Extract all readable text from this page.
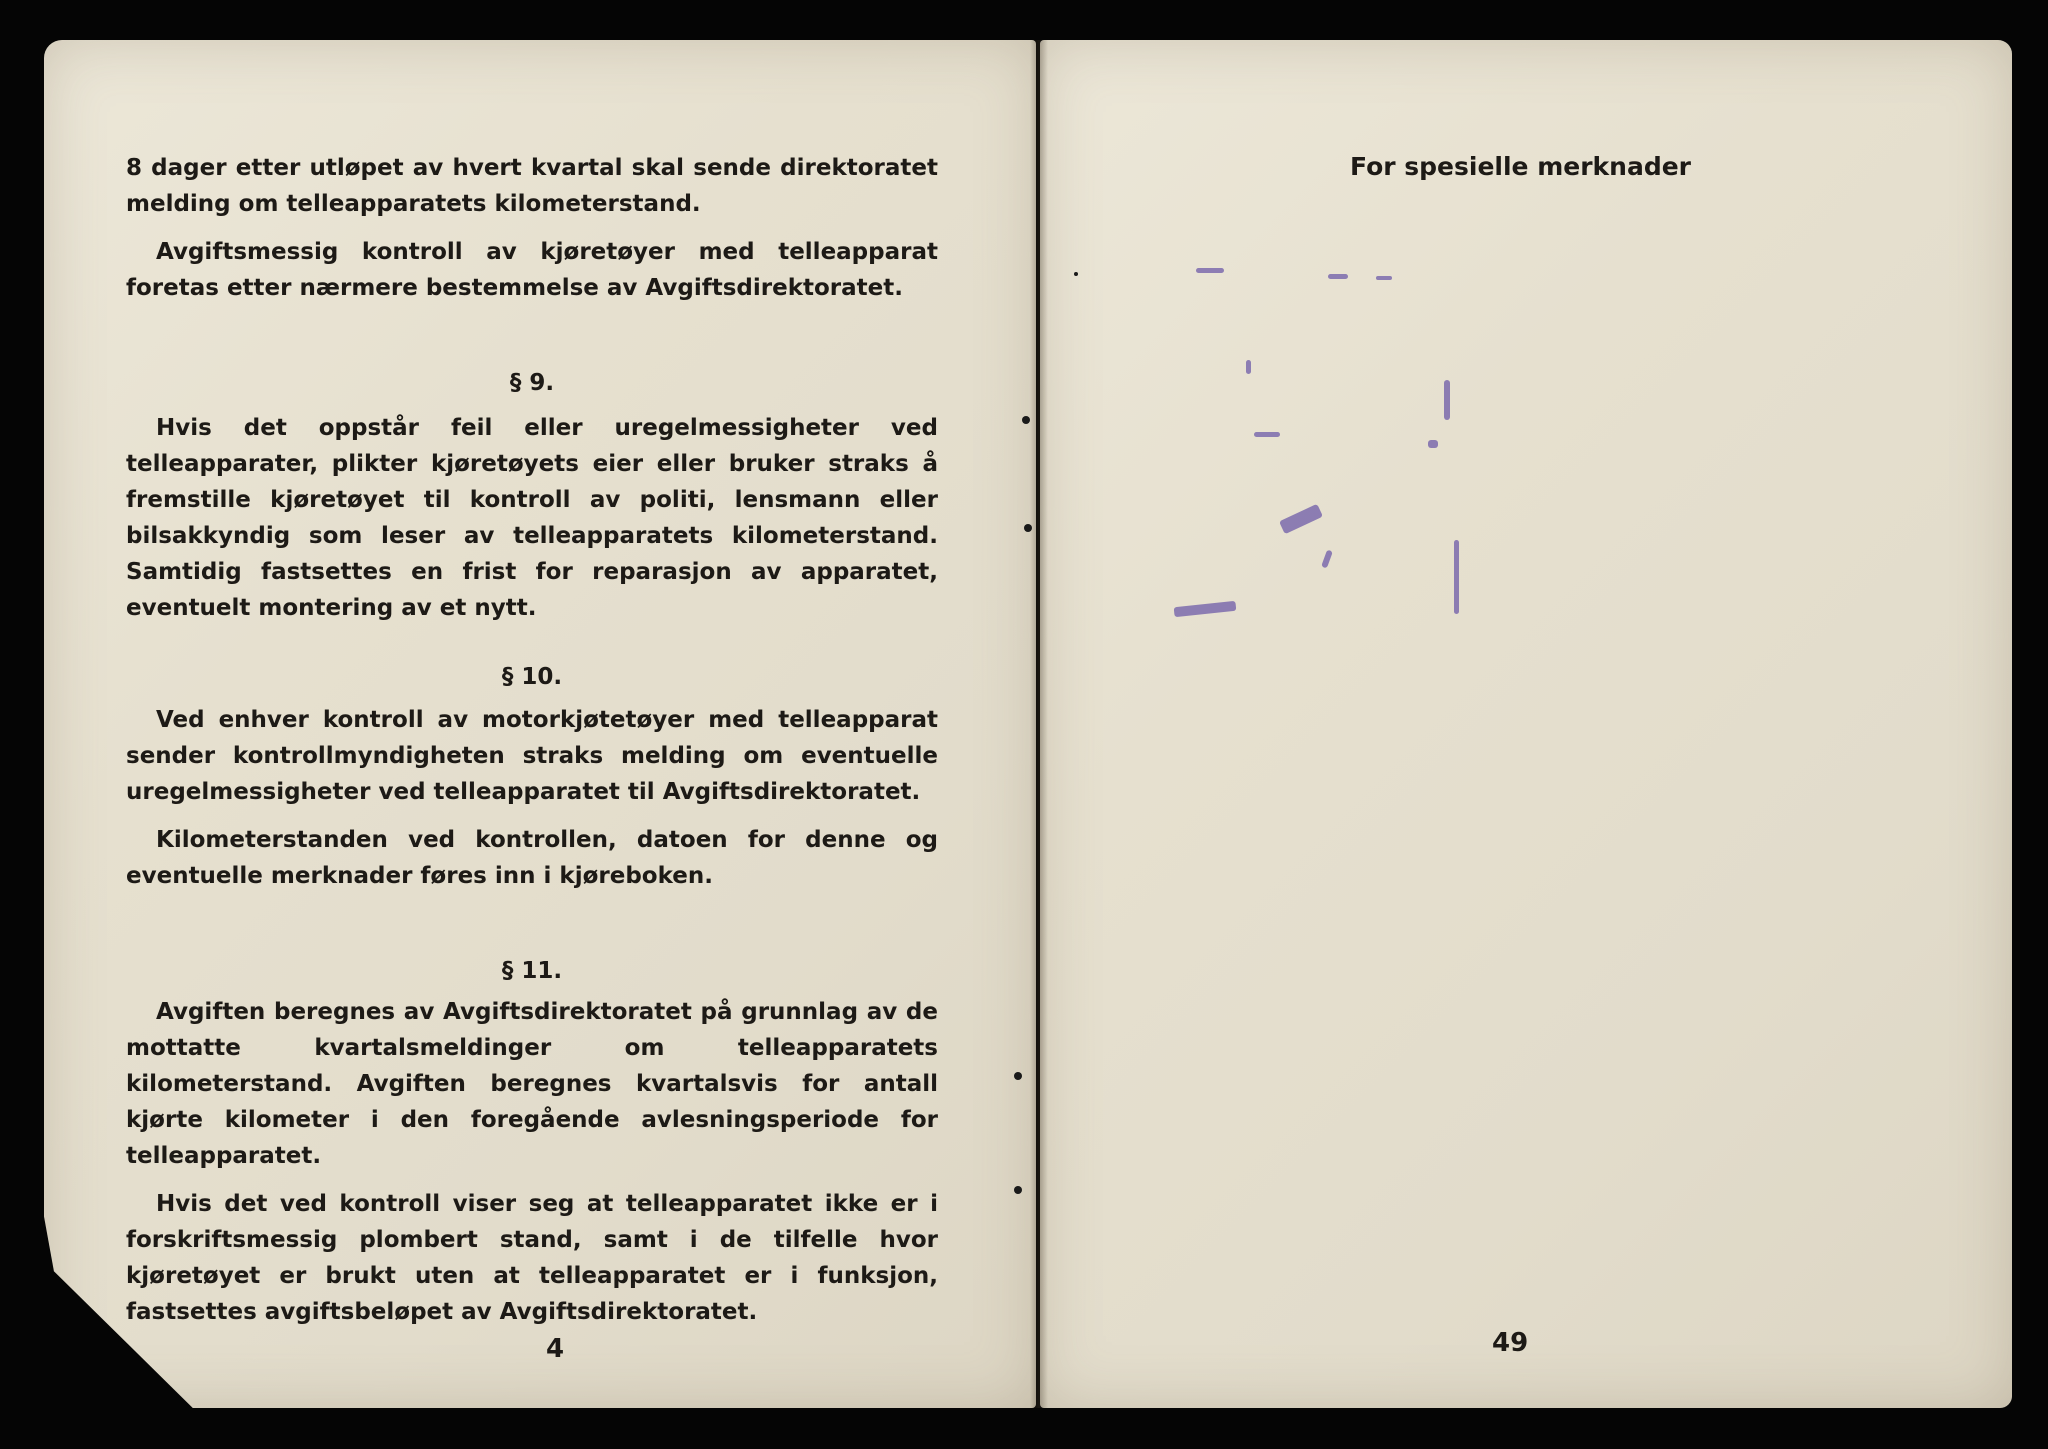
8 dager etter utløpet av hvert kvartal skal sende direktoratet melding om telleapparatets kilometerstand.

Avgiftsmessig kontroll av kjøretøyer med telleapparat foretas etter nærmere bestemmelse av Avgiftsdirektoratet.

§ 9.

Hvis det oppstår feil eller uregelmessigheter ved telleapparater, plikter kjøretøyets eier eller bruker straks å fremstille kjøretøyet til kontroll av politi, lensmann eller bilsakkyndig som leser av telleapparatets kilometerstand. Samtidig fastsettes en frist for reparasjon av apparatet, eventuelt montering av et nytt.

§ 10.

Ved enhver kontroll av motorkjøtetøyer med telleapparat sender kontrollmyndigheten straks melding om eventuelle uregelmessigheter ved telleapparatet til Avgiftsdirektoratet.

Kilometerstanden ved kontrollen, datoen for denne og eventuelle merknader føres inn i kjøreboken.

§ 11.

Avgiften beregnes av Avgiftsdirektoratet på grunnlag av de mottatte kvartalsmeldinger om telleapparatets kilometerstand. Avgiften beregnes kvartalsvis for antall kjørte kilometer i den foregående avlesningsperiode for telleapparatet.

Hvis det ved kontroll viser seg at telleapparatet ikke er i forskriftsmessig plombert stand, samt i de tilfelle hvor kjøretøyet er brukt uten at telleapparatet er i funksjon, fastsettes avgiftsbeløpet av Avgiftsdirektoratet.

4
For spesielle merknader
49
